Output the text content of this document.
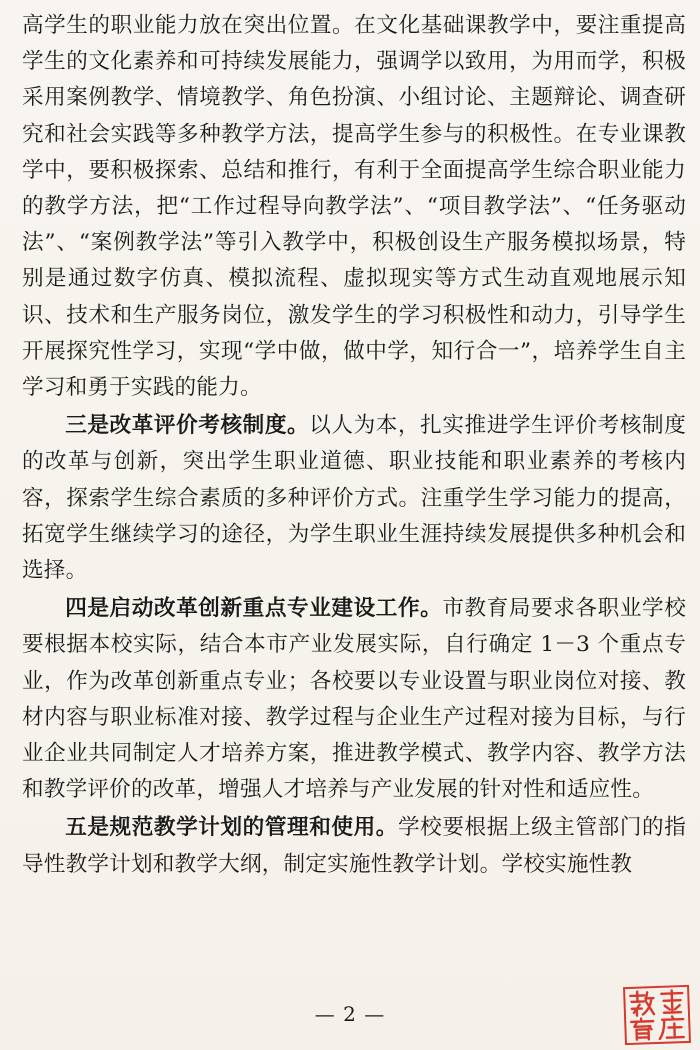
高学生的职业能力放在突出位置。在文化基础课教学中，要注重提高学生的文化素养和可持续发展能力，强调学以致用，为用而学，积极采用案例教学、情境教学、角色扮演、小组讨论、主题辩论、调查研究和社会实践等多种教学方法，提高学生参与的积极性。在专业课教学中，要积极探索、总结和推行，有利于全面提高学生综合职业能力的教学方法，把“工作过程导向教学法”、“项目教学法”、“任务驱动法”、“案例教学法”等引入教学中，积极创设生产服务模拟场景，特别是通过数字仿真、模拟流程、虚拟现实等方式生动直观地展示知识、技术和生产服务岗位，激发学生的学习积极性和动力，引导学生开展探究性学习，实现“学中做，做中学，知行合一”，培养学生自主学习和勇于实践的能力。

三是改革评价考核制度。以人为本，扎实推进学生评价考核制度的改革与创新，突出学生职业道德、职业技能和职业素养的考核内容，探索学生综合素质的多种评价方式。注重学生学习能力的提高，拓宽学生继续学习的途径，为学生职业生涯持续发展提供多种机会和选择。

四是启动改革创新重点专业建设工作。市教育局要求各职业学校要根据本校实际，结合本市产业发展实际，自行确定 1－3 个重点专业，作为改革创新重点专业；各校要以专业设置与职业岗位对接、教材内容与职业标准对接、教学过程与企业生产过程对接为目标，与行业企业共同制定人才培养方案，推进教学模式、教学内容、教学方法和教学评价的改革，增强人才培养与产业发展的针对性和适应性。

五是规范教学计划的管理和使用。学校要根据上级主管部门的指导性教学计划和教学大纲，制定实施性教学计划。学校实施性教

— 2 —
